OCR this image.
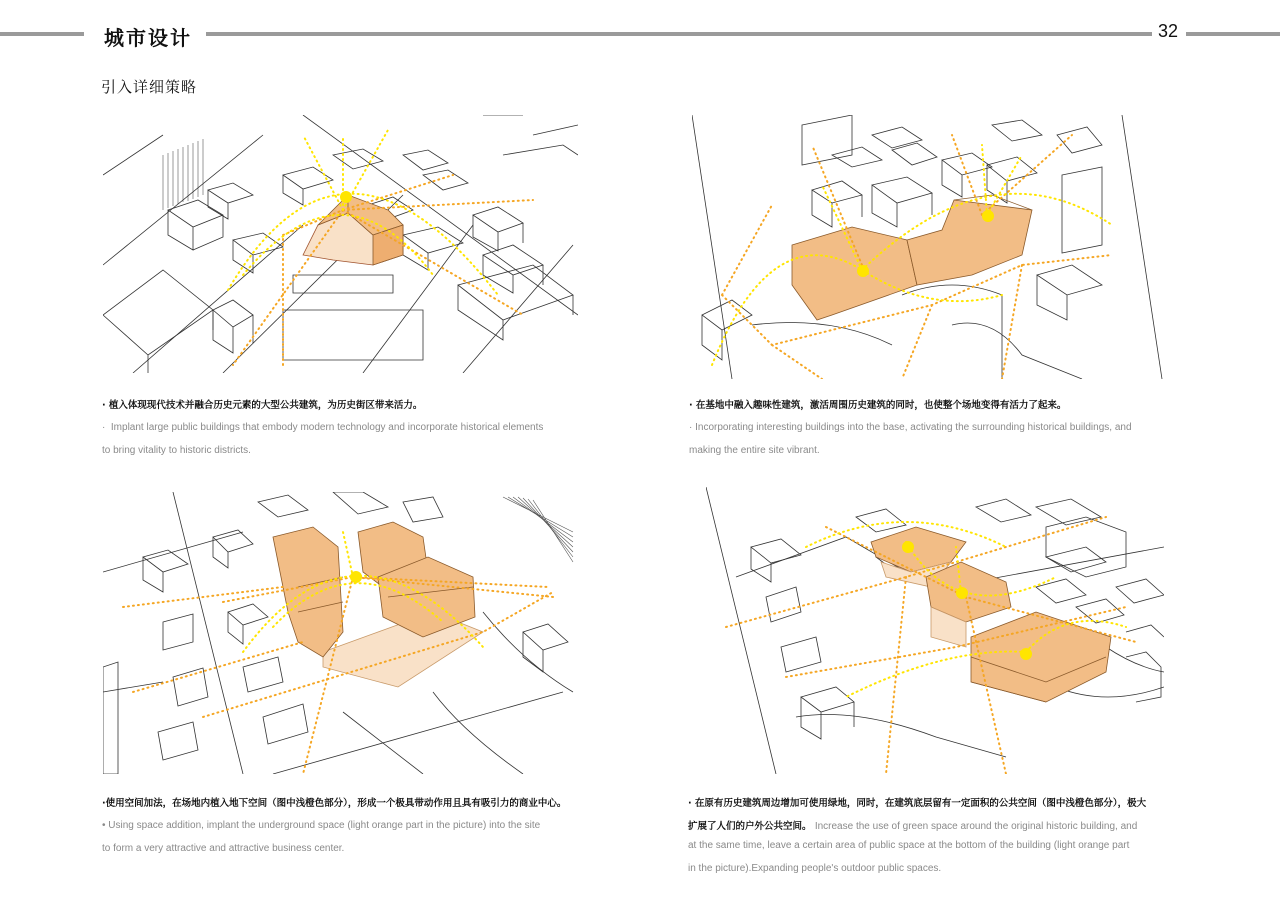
城市设计	32
引入详细策略
· 植入体现现代技术并融合历史元素的大型公共建筑，为历史街区带来活力。
· Implant large public buildings that embody modern technology and incorporate historical elements
to bring vitality to historic districts.
· 在基地中融入趣味性建筑，激活周围历史建筑的同时，也使整个场地变得有活力了起来。
· Incorporating interesting buildings into the base, activating the surrounding historical buildings, and
making the entire site vibrant.
·使用空间加法，在场地内植入地下空间（图中浅橙色部分），形成一个极具带动作用且具有吸引力的商业中心。
• Using space addition, implant the underground space (light orange part in the picture) into the site
to form a very attractive and attractive business center.
· 在原有历史建筑周边增加可使用绿地，同时，在建筑底层留有一定面积的公共空间（图中浅橙色部分），极大
扩展了人们的户外公共空间。 Increase the use of green space around the original historic building, and
at the same time, leave a certain area of public space at the bottom of the building (light orange part
in the picture).Expanding people's outdoor public spaces.
